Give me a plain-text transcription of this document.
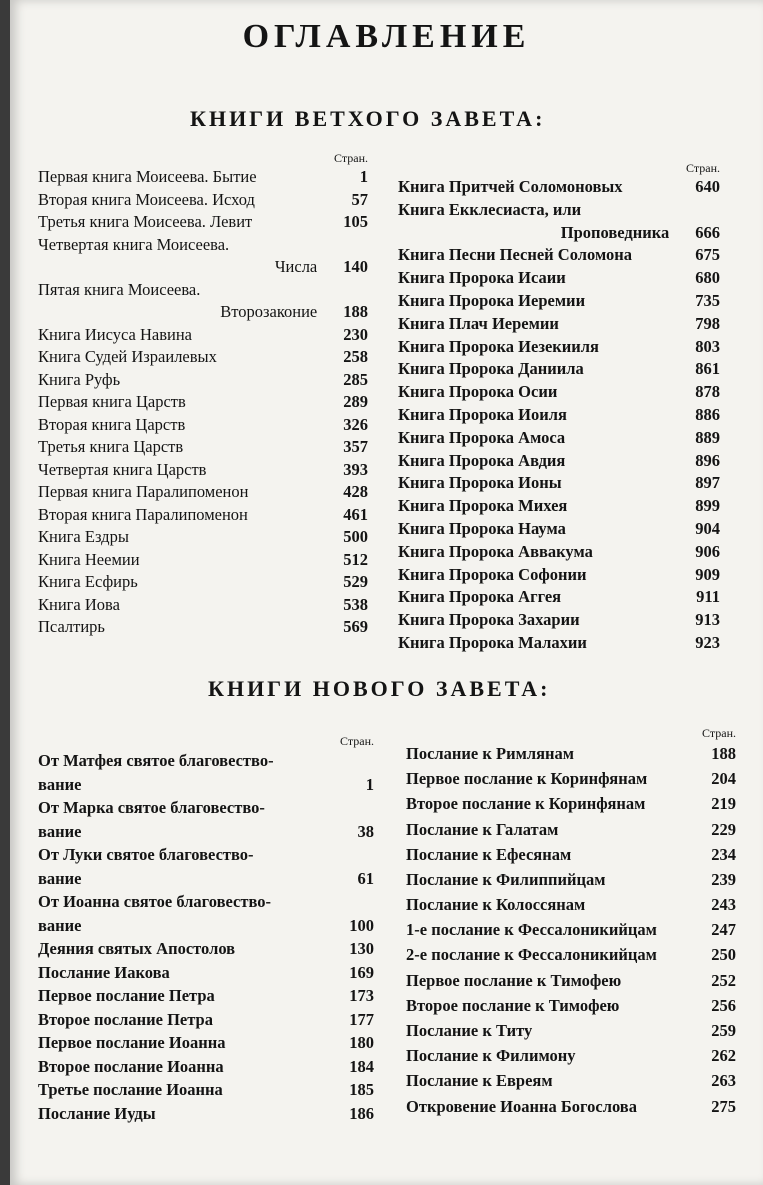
ОГЛАВЛЕНИЕ
КНИГИ ВЕТХОГО ЗАВЕТА:
Стран.
Первая книга Моисеева. Бытие	1
Вторая книга Моисеева. Исход	57
Третья книга Моисеева. Левит	105
Четвертая книга Моисеева.
Числа 140
Пятая книга Моисеева.
Второзаконие 188
Книга Иисуса Навина	230
Книга Судей Израилевых	258
Книга Руфь	285
Первая книга Царств	289
Вторая книга Царств	326
Третья книга Царств	357
Четвертая книга Царств	393
Первая книга Паралипоменон	428
Вторая книга Паралипоменон	461
Книга Ездры	500
Книга Неемии	512
Книга Есфирь	529
Книга Иова	538
Псалтирь	569
Стран.
Книга Притчей Соломоновых	640
Книга Екклесиаста, или
Проповедника 666
Книга Песни Песней Соломона	675
Книга Пророка Исаии	680
Книга Пророка Иеремии	735
Книга Плач Иеремии	798
Книга Пророка Иезекииля	803
Книга Пророка Даниила	861
Книга Пророка Осии	878
Книга Пророка Иоиля	886
Книга Пророка Амоса	889
Книга Пророка Авдия	896
Книга Пророка Ионы	897
Книга Пророка Михея	899
Книга Пророка Наума	904
Книга Пророка Аввакума	906
Книга Пророка Софонии	909
Книга Пророка Аггея	911
Книга Пророка Захарии	913
Книга Пророка Малахии	923
КНИГИ НОВОГО ЗАВЕТА:
Стран.
От Матфея святое благовество-
вание	1
От Марка святое благовество-
вание	38
От Луки святое благовество-
вание	61
От Иоанна святое благовество-
вание	100
Деяния святых Апостолов	130
Послание Иакова	169
Первое послание Петра	173
Второе послание Петра	177
Первое послание Иоанна	180
Второе послание Иоанна	184
Третье послание Иоанна	185
Послание Иуды	186
Стран.
Послание к Римлянам	188
Первое послание к Коринфянам	204
Второе послание к Коринфянам	219
Послание к Галатам	229
Послание к Ефесянам	234
Послание к Филиппийцам	239
Послание к Колоссянам	243
1-е послание к Фессалоникийцам	247
2-е послание к Фессалоникийцам	250
Первое послание к Тимофею	252
Второе послание к Тимофею	256
Послание к Титу	259
Послание к Филимону	262
Послание к Евреям	263
Откровение Иоанна Богослова	275
